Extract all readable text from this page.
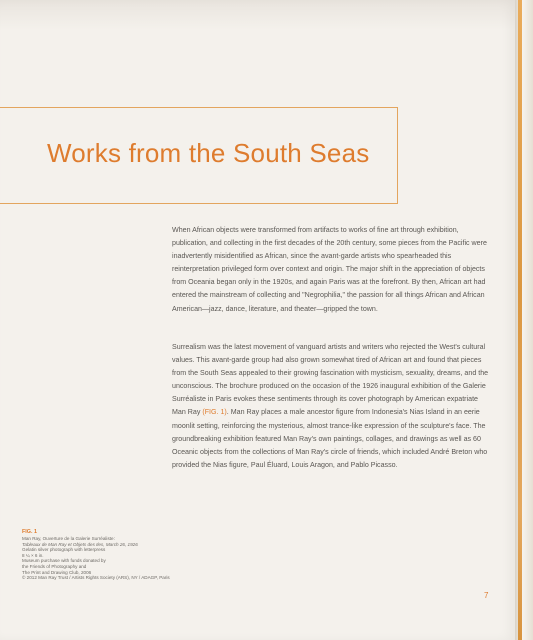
Works from the South Seas

When African objects were transformed from artifacts to works of fine art through exhibition, publication, and collecting in the first decades of the 20th century, some pieces from the Pacific were inadvertently misidentified as African, since the avant-garde artists who spearheaded this reinterpretation privileged form over context and origin. The major shift in the appreciation of objects from Oceania began only in the 1920s, and again Paris was at the forefront. By then, African art had entered the mainstream of collecting and "Negrophilia," the passion for all things African and African American—jazz, dance, literature, and theater—gripped the town.

Surrealism was the latest movement of vanguard artists and writers who rejected the West's cultural values. This avant-garde group had also grown somewhat tired of African art and found that pieces from the South Seas appealed to their growing fascination with mysticism, sexuality, dreams, and the unconscious. The brochure produced on the occasion of the 1926 inaugural exhibition of the Galerie Surréaliste in Paris evokes these sentiments through its cover photograph by American expatriate Man Ray (FIG. 1). Man Ray places a male ancestor figure from Indonesia's Nias Island in an eerie moonlit setting, reinforcing the mysterious, almost trance-like expression of the sculpture's face. The groundbreaking exhibition featured Man Ray's own paintings, collages, and drawings as well as 60 Oceanic objects from the collections of Man Ray's circle of friends, which included André Breton who provided the Nias figure, Paul Éluard, Louis Aragon, and Pablo Picasso.

FIG. 1
Man Ray, Ouverture de la Galerie Surréaliste:
Tableaux de Man Ray et Objets des Iles, March 26, 1926
Gelatin silver photograph with letterpress
8 ¼ × 6 in.
Museum purchase with funds donated by
the Friends of Photography and
The Print and Drawing Club, 2006
© 2012 Man Ray Trust / Artists Rights Society (ARS), NY / ADAGP, Paris
7
